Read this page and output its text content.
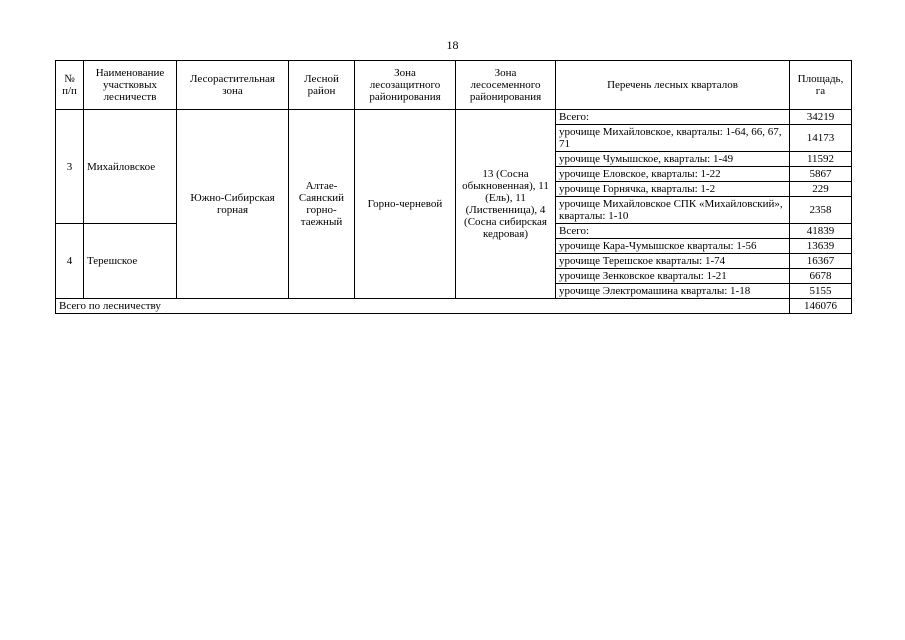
18
№ п/п	Наименование участковых лесничеств	Лесорастительная зона	Лесной район	Зона лесозащитного районирования	Зона лесосеменного районирования	Перечень лесных кварталов	Площадь, га
3	Михайловское	Южно-Сибирская горная	Алтае-Саянский горно-таежный	Горно-черневой	13 (Сосна обыкновенная), 11 (Ель), 11 (Лиственница), 4 (Сосна сибирская кедровая)	Всего:	34219
						урочище Михайловское, кварталы: 1-64, 66, 67, 71	14173
						урочище Чумышское, кварталы: 1-49	11592
						урочище Еловское, кварталы: 1-22	5867
						урочище Горнячка, кварталы: 1-2	229
						урочище Михайловское СПК «Михайловский», кварталы: 1-10	2358
4	Терешское					Всего:	41839
						урочище Кара-Чумышское кварталы: 1-56	13639
						урочище Терешское кварталы: 1-74	16367
						урочище Зенковское кварталы: 1-21	6678
						урочище Электромашина кварталы: 1-18	5155
Всего по лесничеству							146076
